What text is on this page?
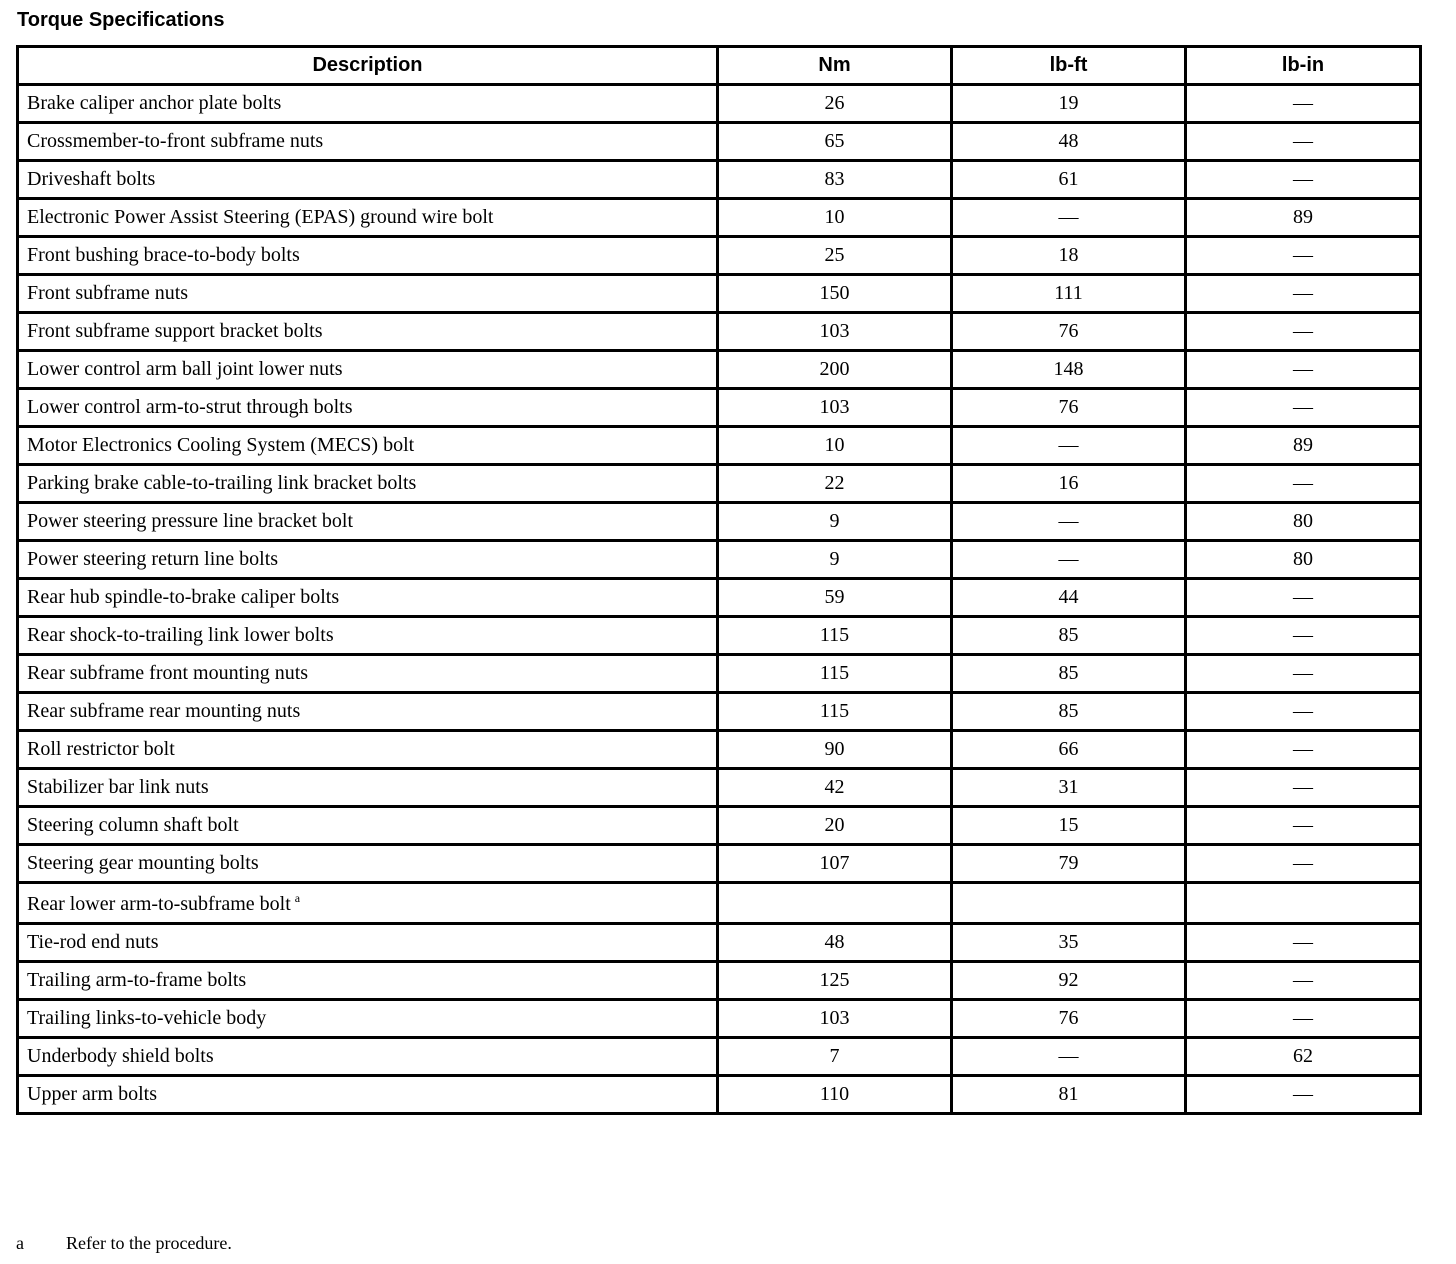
Torque Specifications
Description	Nm	lb-ft	lb-in
Brake caliper anchor plate bolts	26	19	—
Crossmember-to-front subframe nuts	65	48	—
Driveshaft bolts	83	61	—
Electronic Power Assist Steering (EPAS) ground wire bolt	10	—	89
Front bushing brace-to-body bolts	25	18	—
Front subframe nuts	150	111	—
Front subframe support bracket bolts	103	76	—
Lower control arm ball joint lower nuts	200	148	—
Lower control arm-to-strut through bolts	103	76	—
Motor Electronics Cooling System (MECS) bolt	10	—	89
Parking brake cable-to-trailing link bracket bolts	22	16	—
Power steering pressure line bracket bolt	9	—	80
Power steering return line bolts	9	—	80
Rear hub spindle-to-brake caliper bolts	59	44	—
Rear shock-to-trailing link lower bolts	115	85	—
Rear subframe front mounting nuts	115	85	—
Rear subframe rear mounting nuts	115	85	—
Roll restrictor bolt	90	66	—
Stabilizer bar link nuts	42	31	—
Steering column shaft bolt	20	15	—
Steering gear mounting bolts	107	79	—
Rear lower arm-to-subframe bolt $^a$			
Tie-rod end nuts	48	35	—
Trailing arm-to-frame bolts	125	92	—
Trailing links-to-vehicle body	103	76	—
Underbody shield bolts	7	—	62
Upper arm bolts	110	81	—
a Refer to the procedure.
